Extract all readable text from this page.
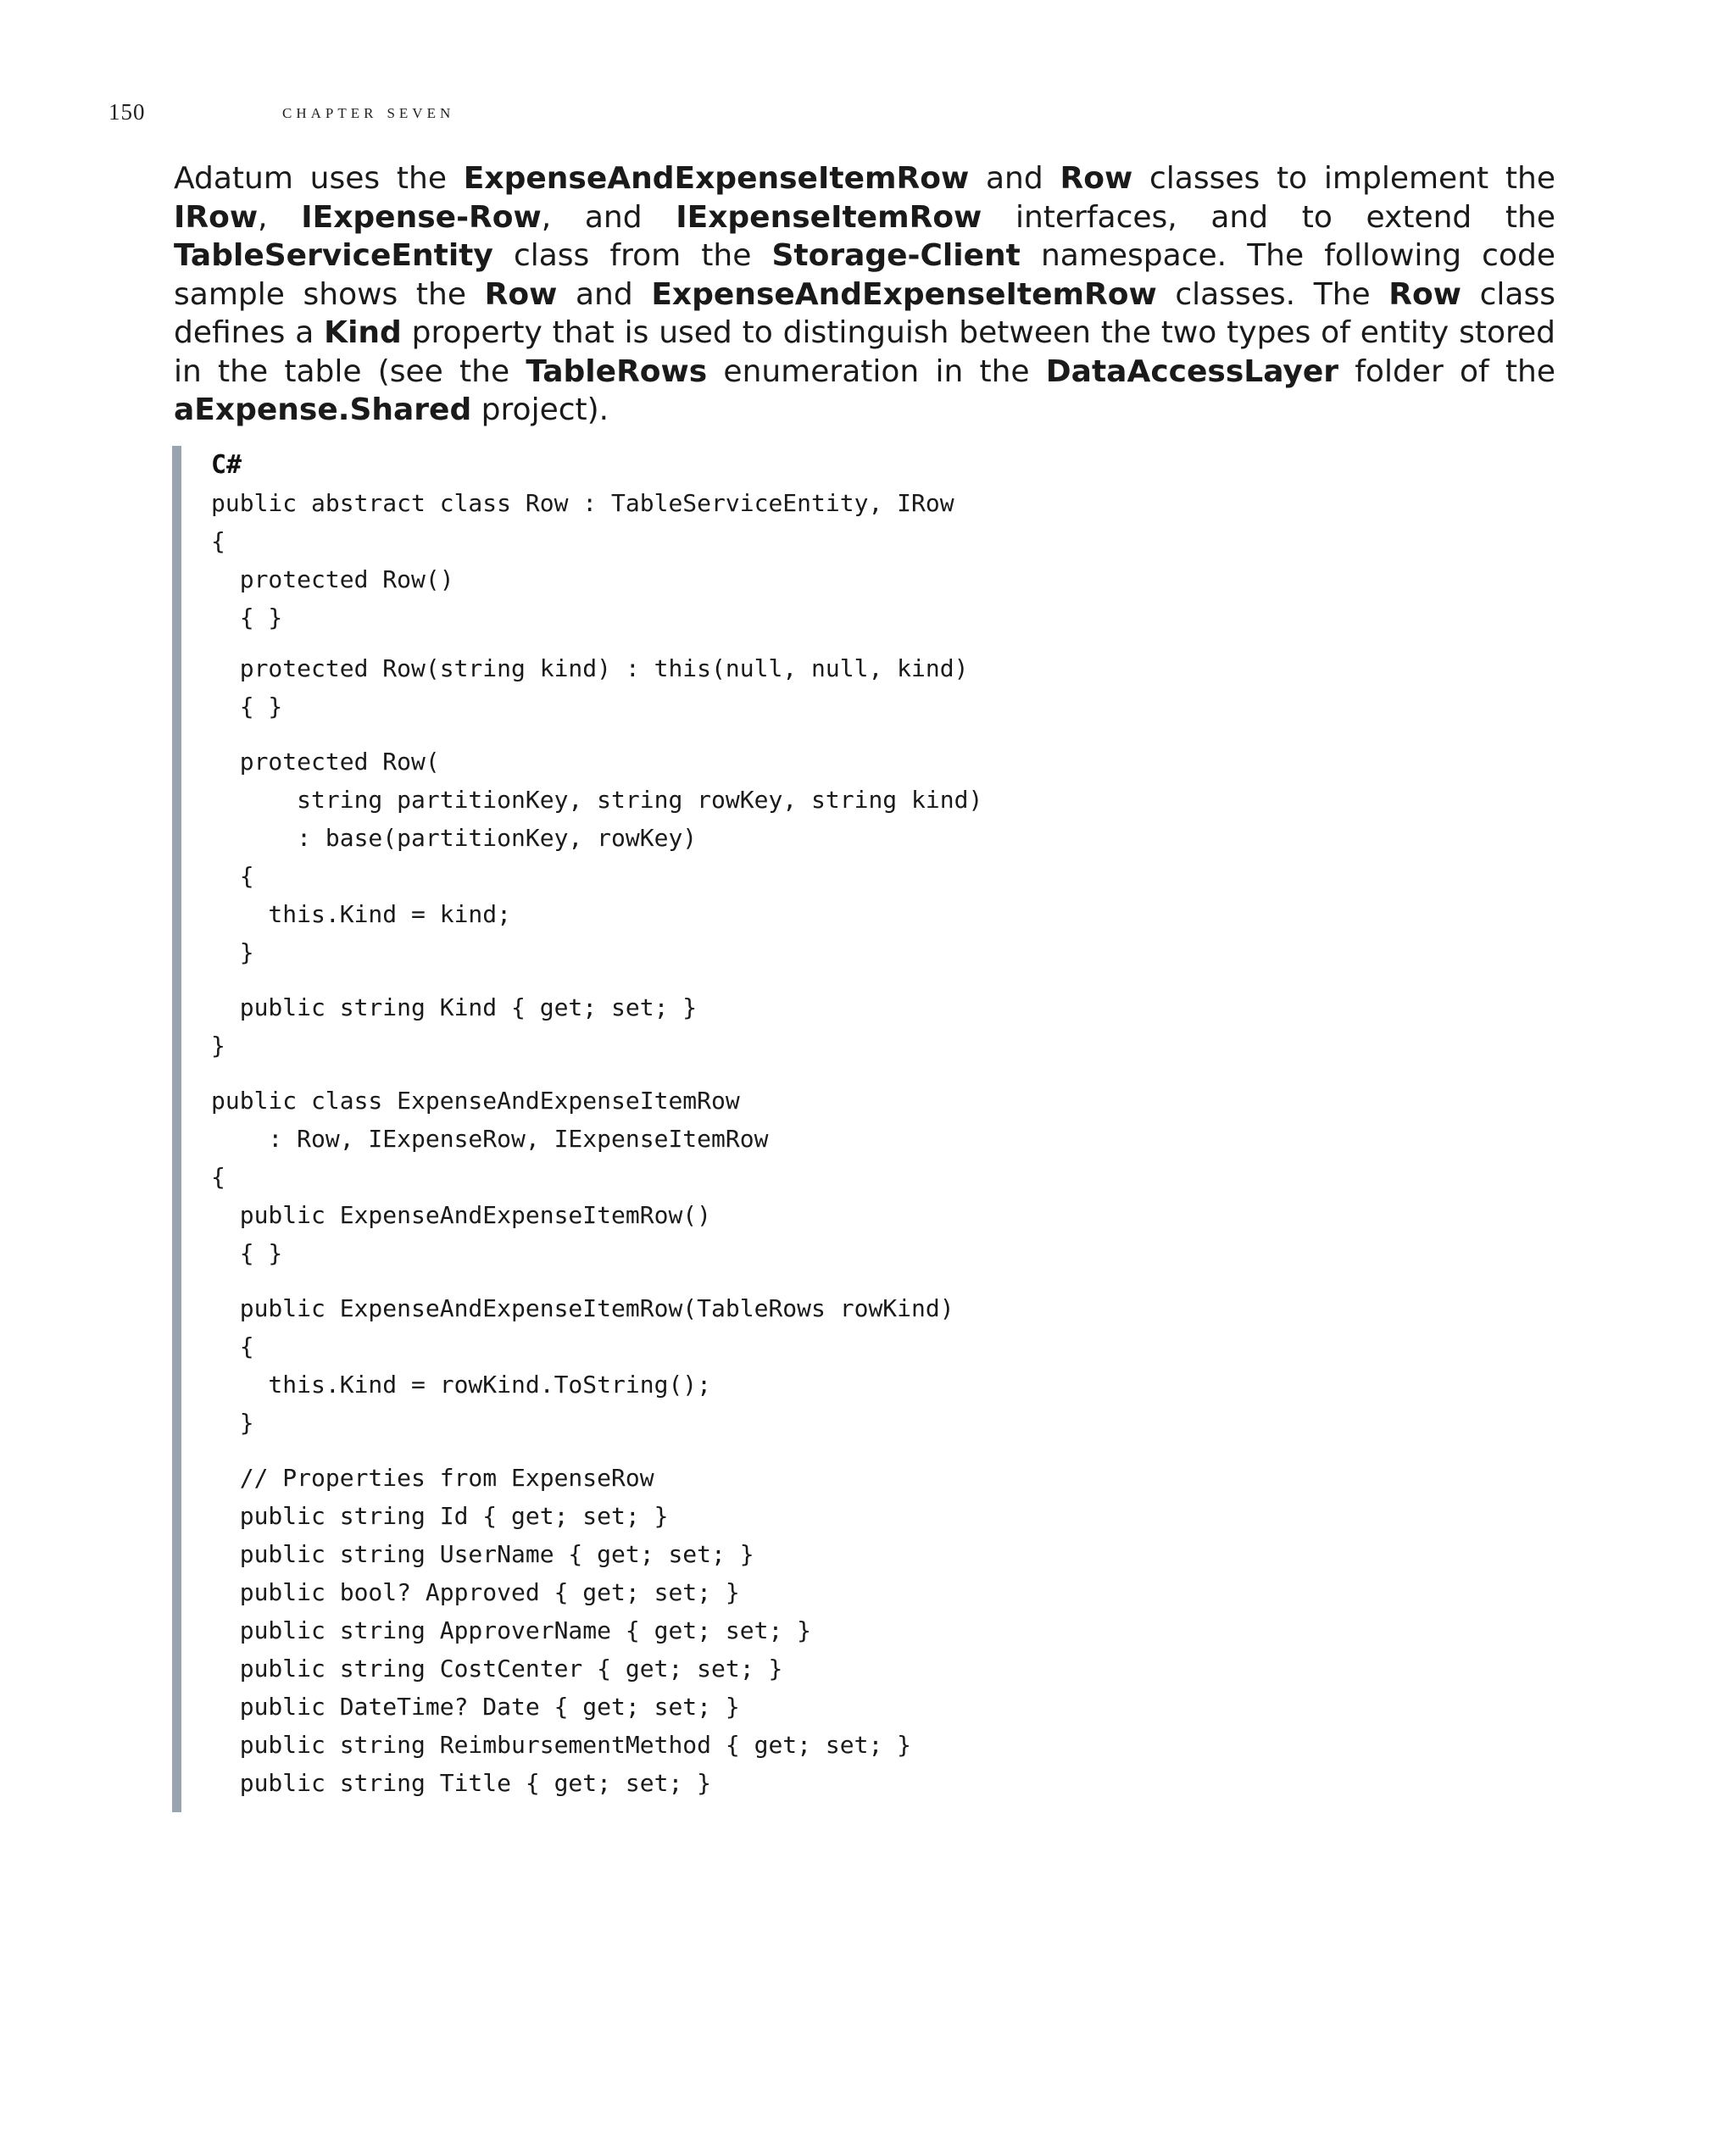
150	chapter seven

Adatum uses the ExpenseAndExpenseItemRow and Row classes to implement the IRow, IExpense-Row, and IExpenseItemRow interfaces, and to extend the TableServiceEntity class from the Storage-Client namespace. The following code sample shows the Row and ExpenseAndExpenseItemRow classes. The Row class defines a Kind property that is used to distinguish between the two types of entity stored in the table (see the TableRows enumeration in the DataAccessLayer folder of the aExpense.Shared project).

C#
public abstract class Row : TableServiceEntity, IRow
{
protected Row()
{ }
protected Row(string kind) : this(null, null, kind)
{ }
protected Row(
string partitionKey, string rowKey, string kind)
: base(partitionKey, rowKey)
{
this.Kind = kind;
}
public string Kind { get; set; }
}
public class ExpenseAndExpenseItemRow
: Row, IExpenseRow, IExpenseItemRow
{
public ExpenseAndExpenseItemRow()
{ }
public ExpenseAndExpenseItemRow(TableRows rowKind)
{
this.Kind = rowKind.ToString();
}
// Properties from ExpenseRow
public string Id { get; set; }
public string UserName { get; set; }
public bool? Approved { get; set; }
public string ApproverName { get; set; }
public string CostCenter { get; set; }
public DateTime? Date { get; set; }
public string ReimbursementMethod { get; set; }
public string Title { get; set; }
